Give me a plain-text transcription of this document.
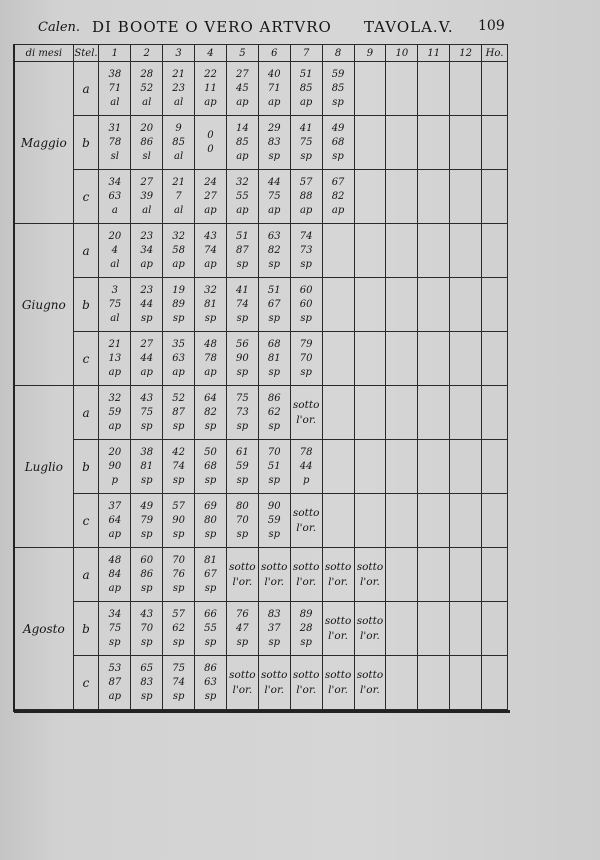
Calen. DI BOOTE O VERO ARTVRO TAVOLA.V. 109
di mesi	Stel.	1	2	3	4	5	6	7	8	9	10	11	12	Ho.
Maggio	a	38
71
al	28
52
al	21
23
al	22
11
ap	27
45
ap	40
71
ap	51
85
ap	59
85
sp					

	b	31
78
sl	20
86
sl	9
85
al	0
0	14
85
ap	29
83
sp	41
75
sp	49
68
sp					

	c	34
63
a	27
39
al	21
7
al	24
27
ap	32
55
ap	44
75
ap	57
88
ap	67
82
ap					

Giugno	a	20
4
al	23
34
ap	32
58
ap	43
74
ap	51
87
sp	63
82
sp	74
73
sp						

	b	3
75
al	23
44
sp	19
89
sp	32
81
sp	41
74
sp	51
67
sp	60
60
sp						

	c	21
13
ap	27
44
ap	35
63
ap	48
78
ap	56
90
sp	68
81
sp	79
70
sp						

Luglio	a	32
59
ap	43
75
sp	52
87
sp	64
82
sp	75
73
sp	86
62
sp	sotto
l'or.						

	b	20
90
p	38
81
sp	42
74
sp	50
68
sp	61
59
sp	70
51
sp	78
44
p						

	c	37
64
ap	49
79
sp	57
90
sp	69
80
sp	80
70
sp	90
59
sp	sotto
l'or.						

Agosto	a	48
84
ap	60
86
sp	70
76
sp	81
67
sp	sotto
l'or.	sotto
l'or.	sotto
l'or.	sotto
l'or.	sotto
l'or.				

	b	34
75
sp	43
70
sp	57
62
sp	66
55
sp	76
47
sp	83
37
sp	89
28
sp	sotto
l'or.	sotto
l'or.				

	c	53
87
ap	65
83
sp	75
74
sp	86
63
sp	sotto
l'or.	sotto
l'or.	sotto
l'or.	sotto
l'or.	sotto
l'or.				
